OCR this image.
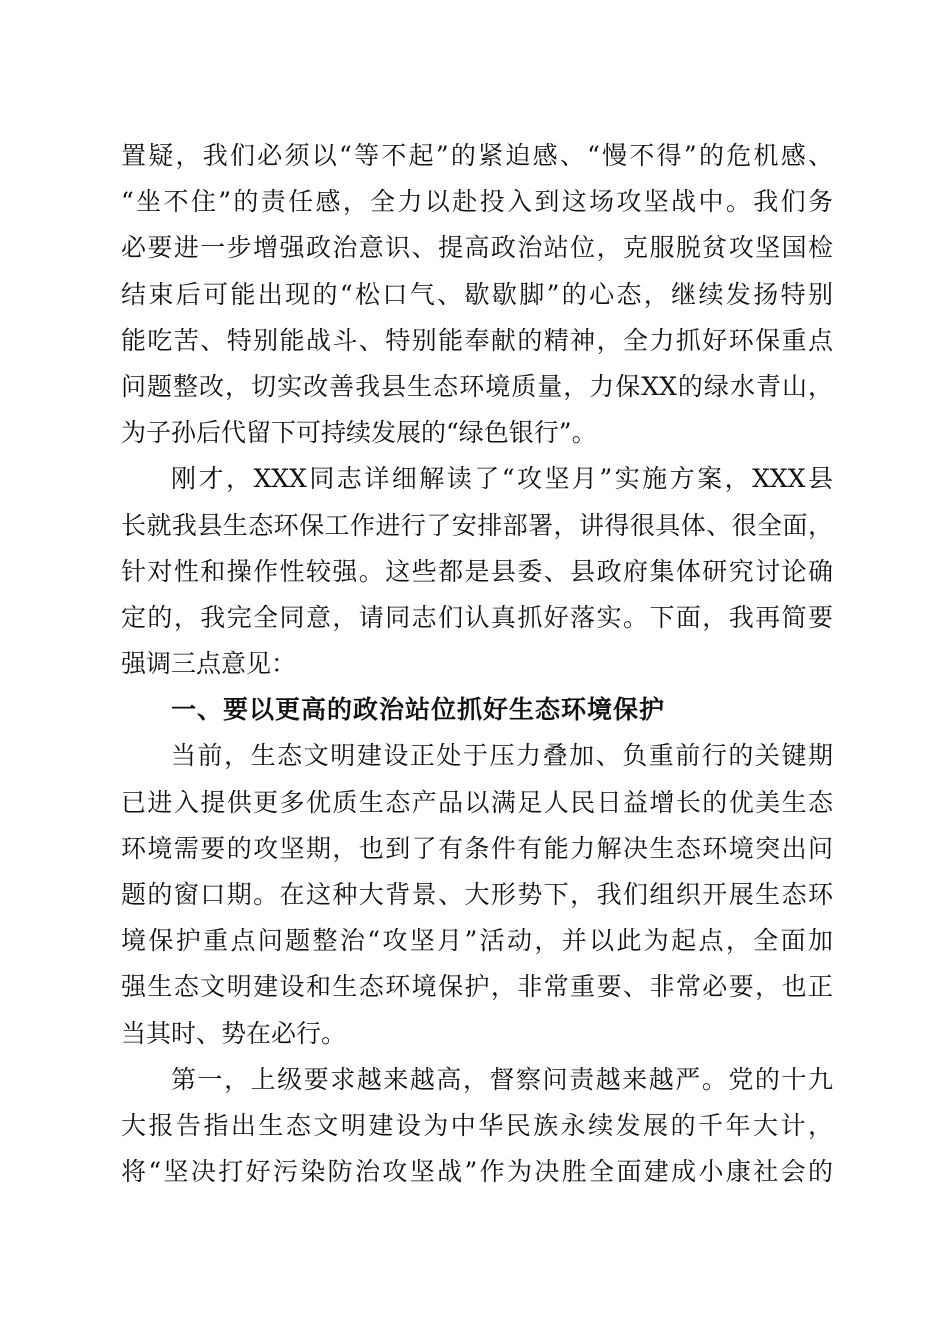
置疑，我们必须以“等不起”的紧迫感、“慢不得”的危机感、
“坐不住”的责任感，全力以赴投入到这场攻坚战中。我们务
必要进一步增强政治意识、提高政治站位，克服脱贫攻坚国检
结束后可能出现的“松口气、歇歇脚”的心态，继续发扬特别
能吃苦、特别能战斗、特别能奉献的精神，全力抓好环保重点
问题整改，切实改善我县生态环境质量，力保XX的绿水青山，
为子孙后代留下可持续发展的“绿色银行”。
刚才，XXX同志详细解读了“攻坚月”实施方案，XXX县
长就我县生态环保工作进行了安排部署，讲得很具体、很全面，
针对性和操作性较强。这些都是县委、县政府集体研究讨论确
定的，我完全同意，请同志们认真抓好落实。下面，我再简要
强调三点意见：
一、要以更高的政治站位抓好生态环境保护
当前，生态文明建设正处于压力叠加、负重前行的关键期
已进入提供更多优质生态产品以满足人民日益增长的优美生态
环境需要的攻坚期，也到了有条件有能力解决生态环境突出问
题的窗口期。在这种大背景、大形势下，我们组织开展生态环
境保护重点问题整治“攻坚月”活动，并以此为起点，全面加
强生态文明建设和生态环境保护，非常重要、非常必要，也正
当其时、势在必行。
第一，上级要求越来越高，督察问责越来越严。党的十九
大报告指出生态文明建设为中华民族永续发展的千年大计，
将“坚决打好污染防治攻坚战”作为决胜全面建成小康社会的
